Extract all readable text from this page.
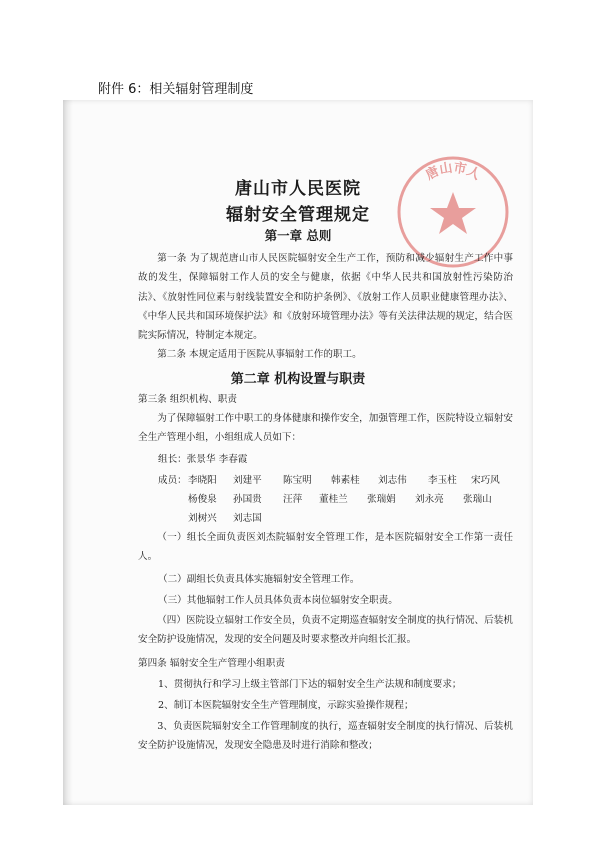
附件 6：相关辐射管理制度
唐山市人
唐山市人民医院
辐射安全管理规定
第一章 总则
第一条 为了规范唐山市人民医院辐射安全生产工作，预防和减少辐射生产工作中事故的发生，保障辐射工作人员的安全与健康，依据《中华人民共和国放射性污染防治法》、《放射性同位素与射线装置安全和防护条例》、《放射工作人员职业健康管理办法》、《中华人民共和国环境保护法》和《放射环境管理办法》等有关法律法规的规定，结合医院实际情况，特制定本规定。
第二条 本规定适用于医院从事辐射工作的职工。
第二章 机构设置与职责
第三条 组织机构、职责
为了保障辐射工作中职工的身体健康和操作安全，加强管理工作，医院特设立辐射安全生产管理小组，小组组成人员如下：
组长：张景华 李春霞
成员： 李晓阳 刘建平 陈宝明 韩素桂 刘志伟 李玉柱 宋巧风
杨俊泉 孙国贵 汪萍 董桂兰 张瑞娟 刘永亮 张瑞山
刘树兴 刘志国
（一）组长全面负责医刘杰院辐射安全管理工作，是本医院辐射安全工作第一责任人。
（二）副组长负责具体实施辐射安全管理工作。
（三）其他辐射工作人员具体负责本岗位辐射安全职责。
（四）医院设立辐射工作安全员，负责不定期巡查辐射安全制度的执行情况、后装机安全防护设施情况，发现的安全问题及时要求整改并向组长汇报。
第四条 辐射安全生产管理小组职责
1、贯彻执行和学习上级主管部门下达的辐射安全生产法规和制度要求；
2、制订本医院辐射安全生产管理制度，示踪实验操作规程；
3、负责医院辐射安全工作管理制度的执行，巡查辐射安全制度的执行情况、后装机安全防护设施情况，发现安全隐患及时进行消除和整改；
